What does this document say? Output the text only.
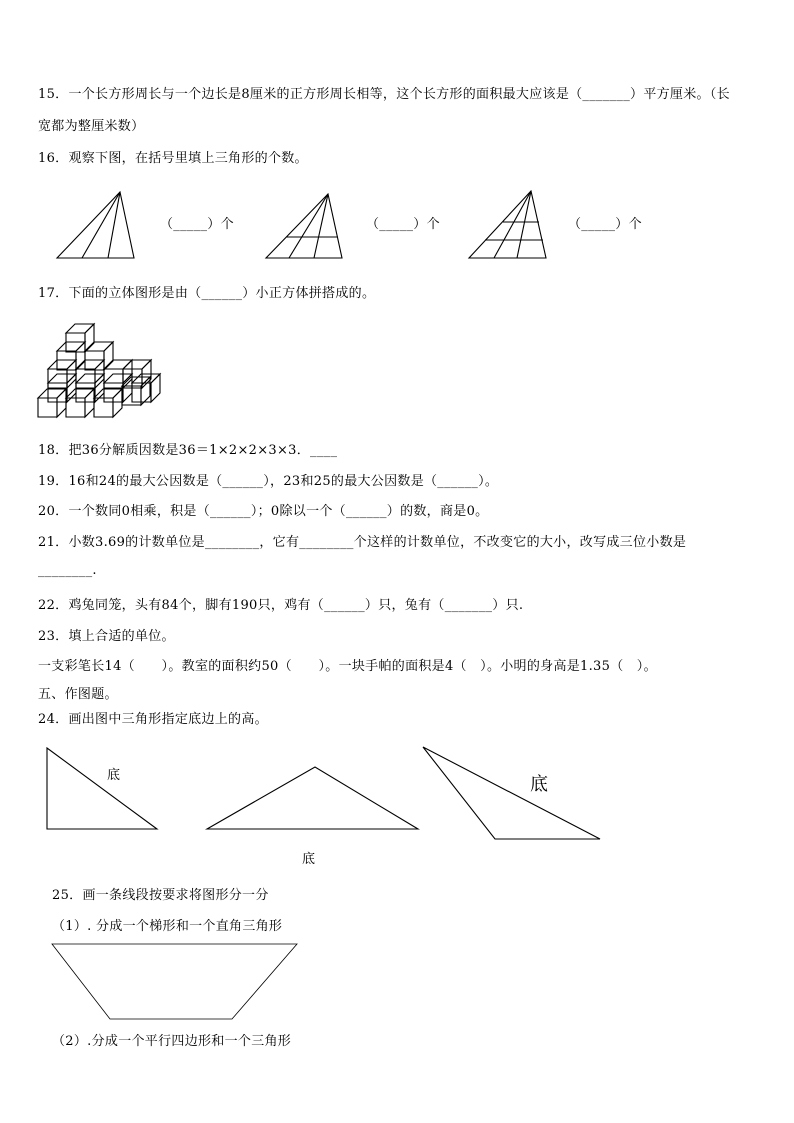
15．一个长方形周长与一个边长是8厘米的正方形周长相等，这个长方形的面积最大应该是（_______）平方厘米。（长
宽都为整厘米数）
16．观察下图，在括号里填上三角形的个数。
（_____）个	（_____）个	（_____）个
17．下面的立体图形是由（______）小正方体拼搭成的。
18．把36分解质因数是36＝1×2×2×3×3．____
19．16和24的最大公因数是（______），23和25的最大公因数是（______）。
20．一个数同0相乘，积是（______）；0除以一个（______）的数，商是0。
21．小数3.69的计数单位是________，它有________个这样的计数单位，不改变它的大小，改写成三位小数是
________.
22．鸡兔同笼，头有84个，脚有190只，鸡有（______）只，兔有（_______）只.
23．填上合适的单位。
一支彩笔长14（　　）。教室的面积约50（　　）。一块手帕的面积是4（　）。小明的身高是1.35（　）。
五、作图题。
24．画出图中三角形指定底边上的高。
底
底
底
25．画一条线段按要求将图形分一分
（1）. 分成一个梯形和一个直角三角形
（2）.分成一个平行四边形和一个三角形
